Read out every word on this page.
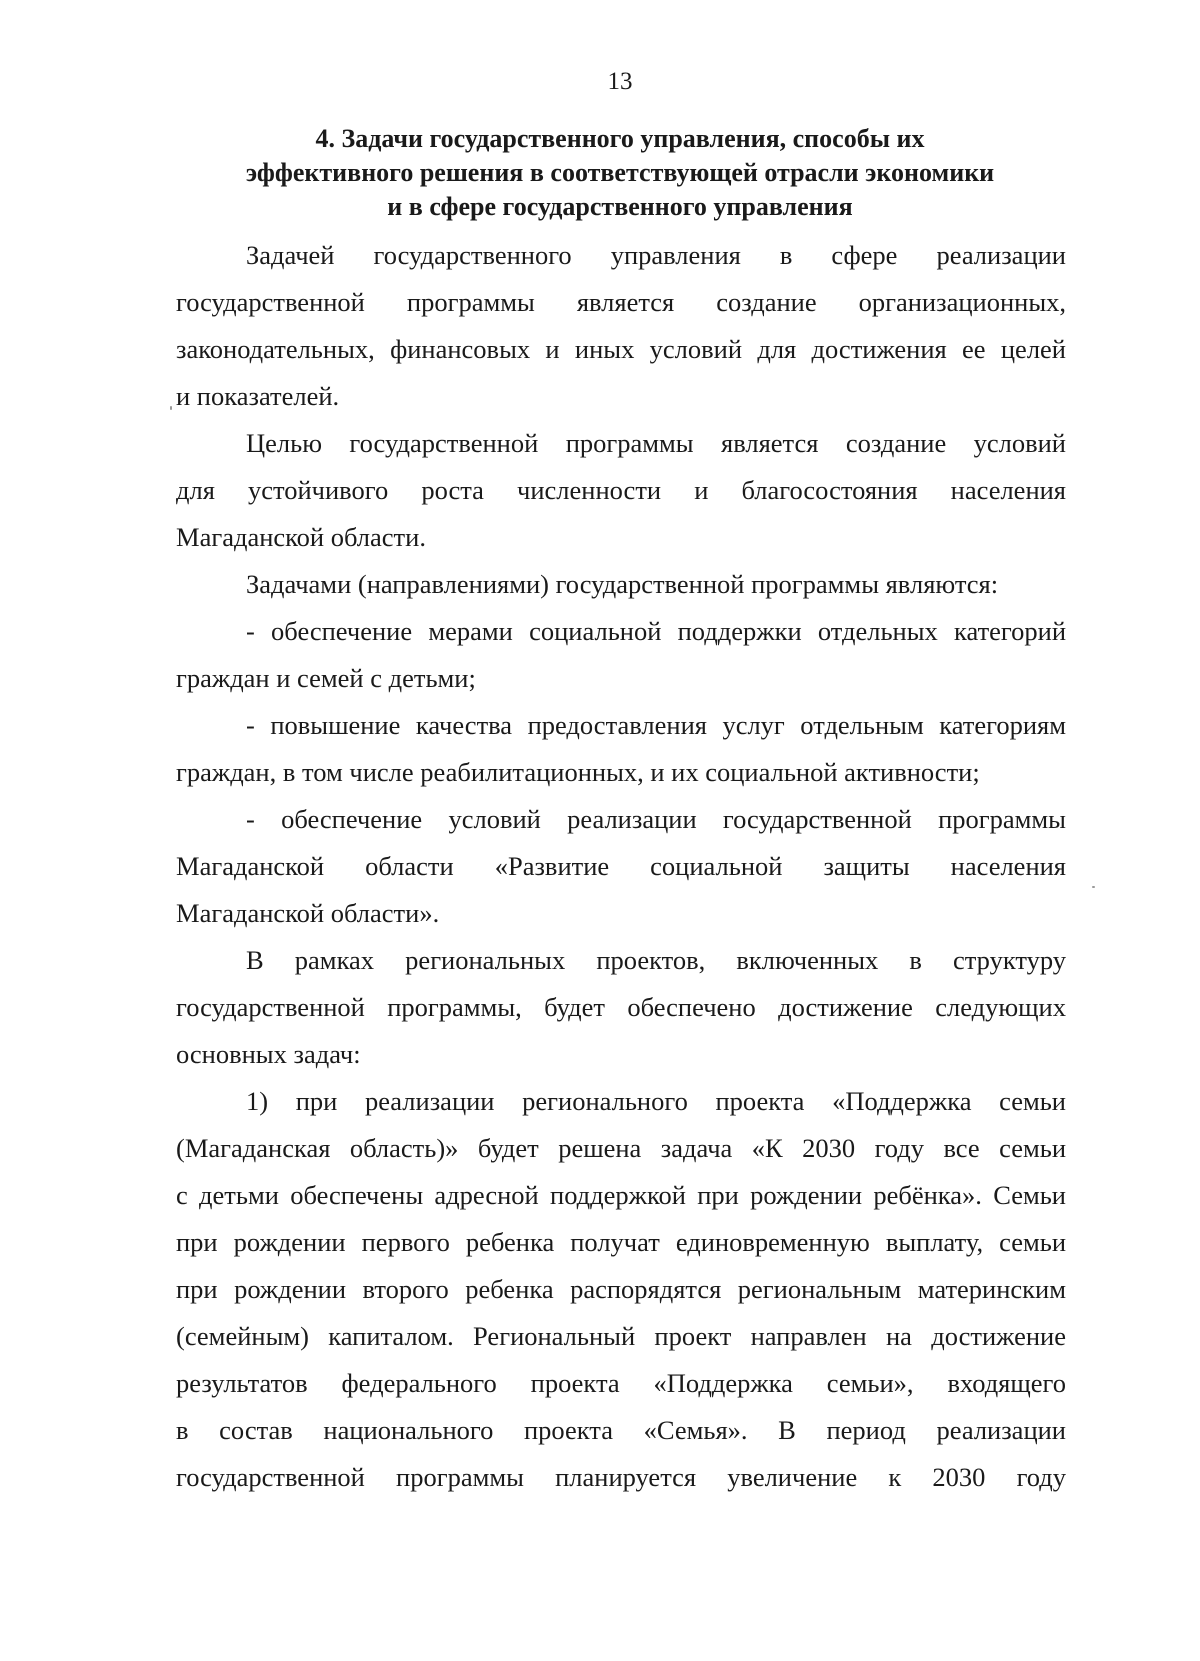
13
4. Задачи государственного управления, способы их
эффективного решения в соответствующей отрасли экономики
и в сфере государственного управления
Задачей государственного управления в сфере реализации
государственной программы является создание организационных,
законодательных, финансовых и иных условий для достижения ее целей
и показателей.
Целью государственной программы является создание условий
для устойчивого роста численности и благосостояния населения
Магаданской области.
Задачами (направлениями) государственной программы являются:
- обеспечение мерами социальной поддержки отдельных категорий
граждан и семей с детьми;
- повышение качества предоставления услуг отдельным категориям
граждан, в том числе реабилитационных, и их социальной активности;
- обеспечение условий реализации государственной программы
Магаданской области «Развитие социальной защиты населения
Магаданской области».
В рамках региональных проектов, включенных в структуру
государственной программы, будет обеспечено достижение следующих
основных задач:
1) при реализации регионального проекта «Поддержка семьи
(Магаданская область)» будет решена задача «К 2030 году все семьи
с детьми обеспечены адресной поддержкой при рождении ребёнка». Семьи
при рождении первого ребенка получат единовременную выплату, семьи
при рождении второго ребенка распорядятся региональным материнским
(семейным) капиталом. Региональный проект направлен на достижение
результатов федерального проекта «Поддержка семьи», входящего
в состав национального проекта «Семья». В период реализации
государственной программы планируется увеличение к 2030 году
